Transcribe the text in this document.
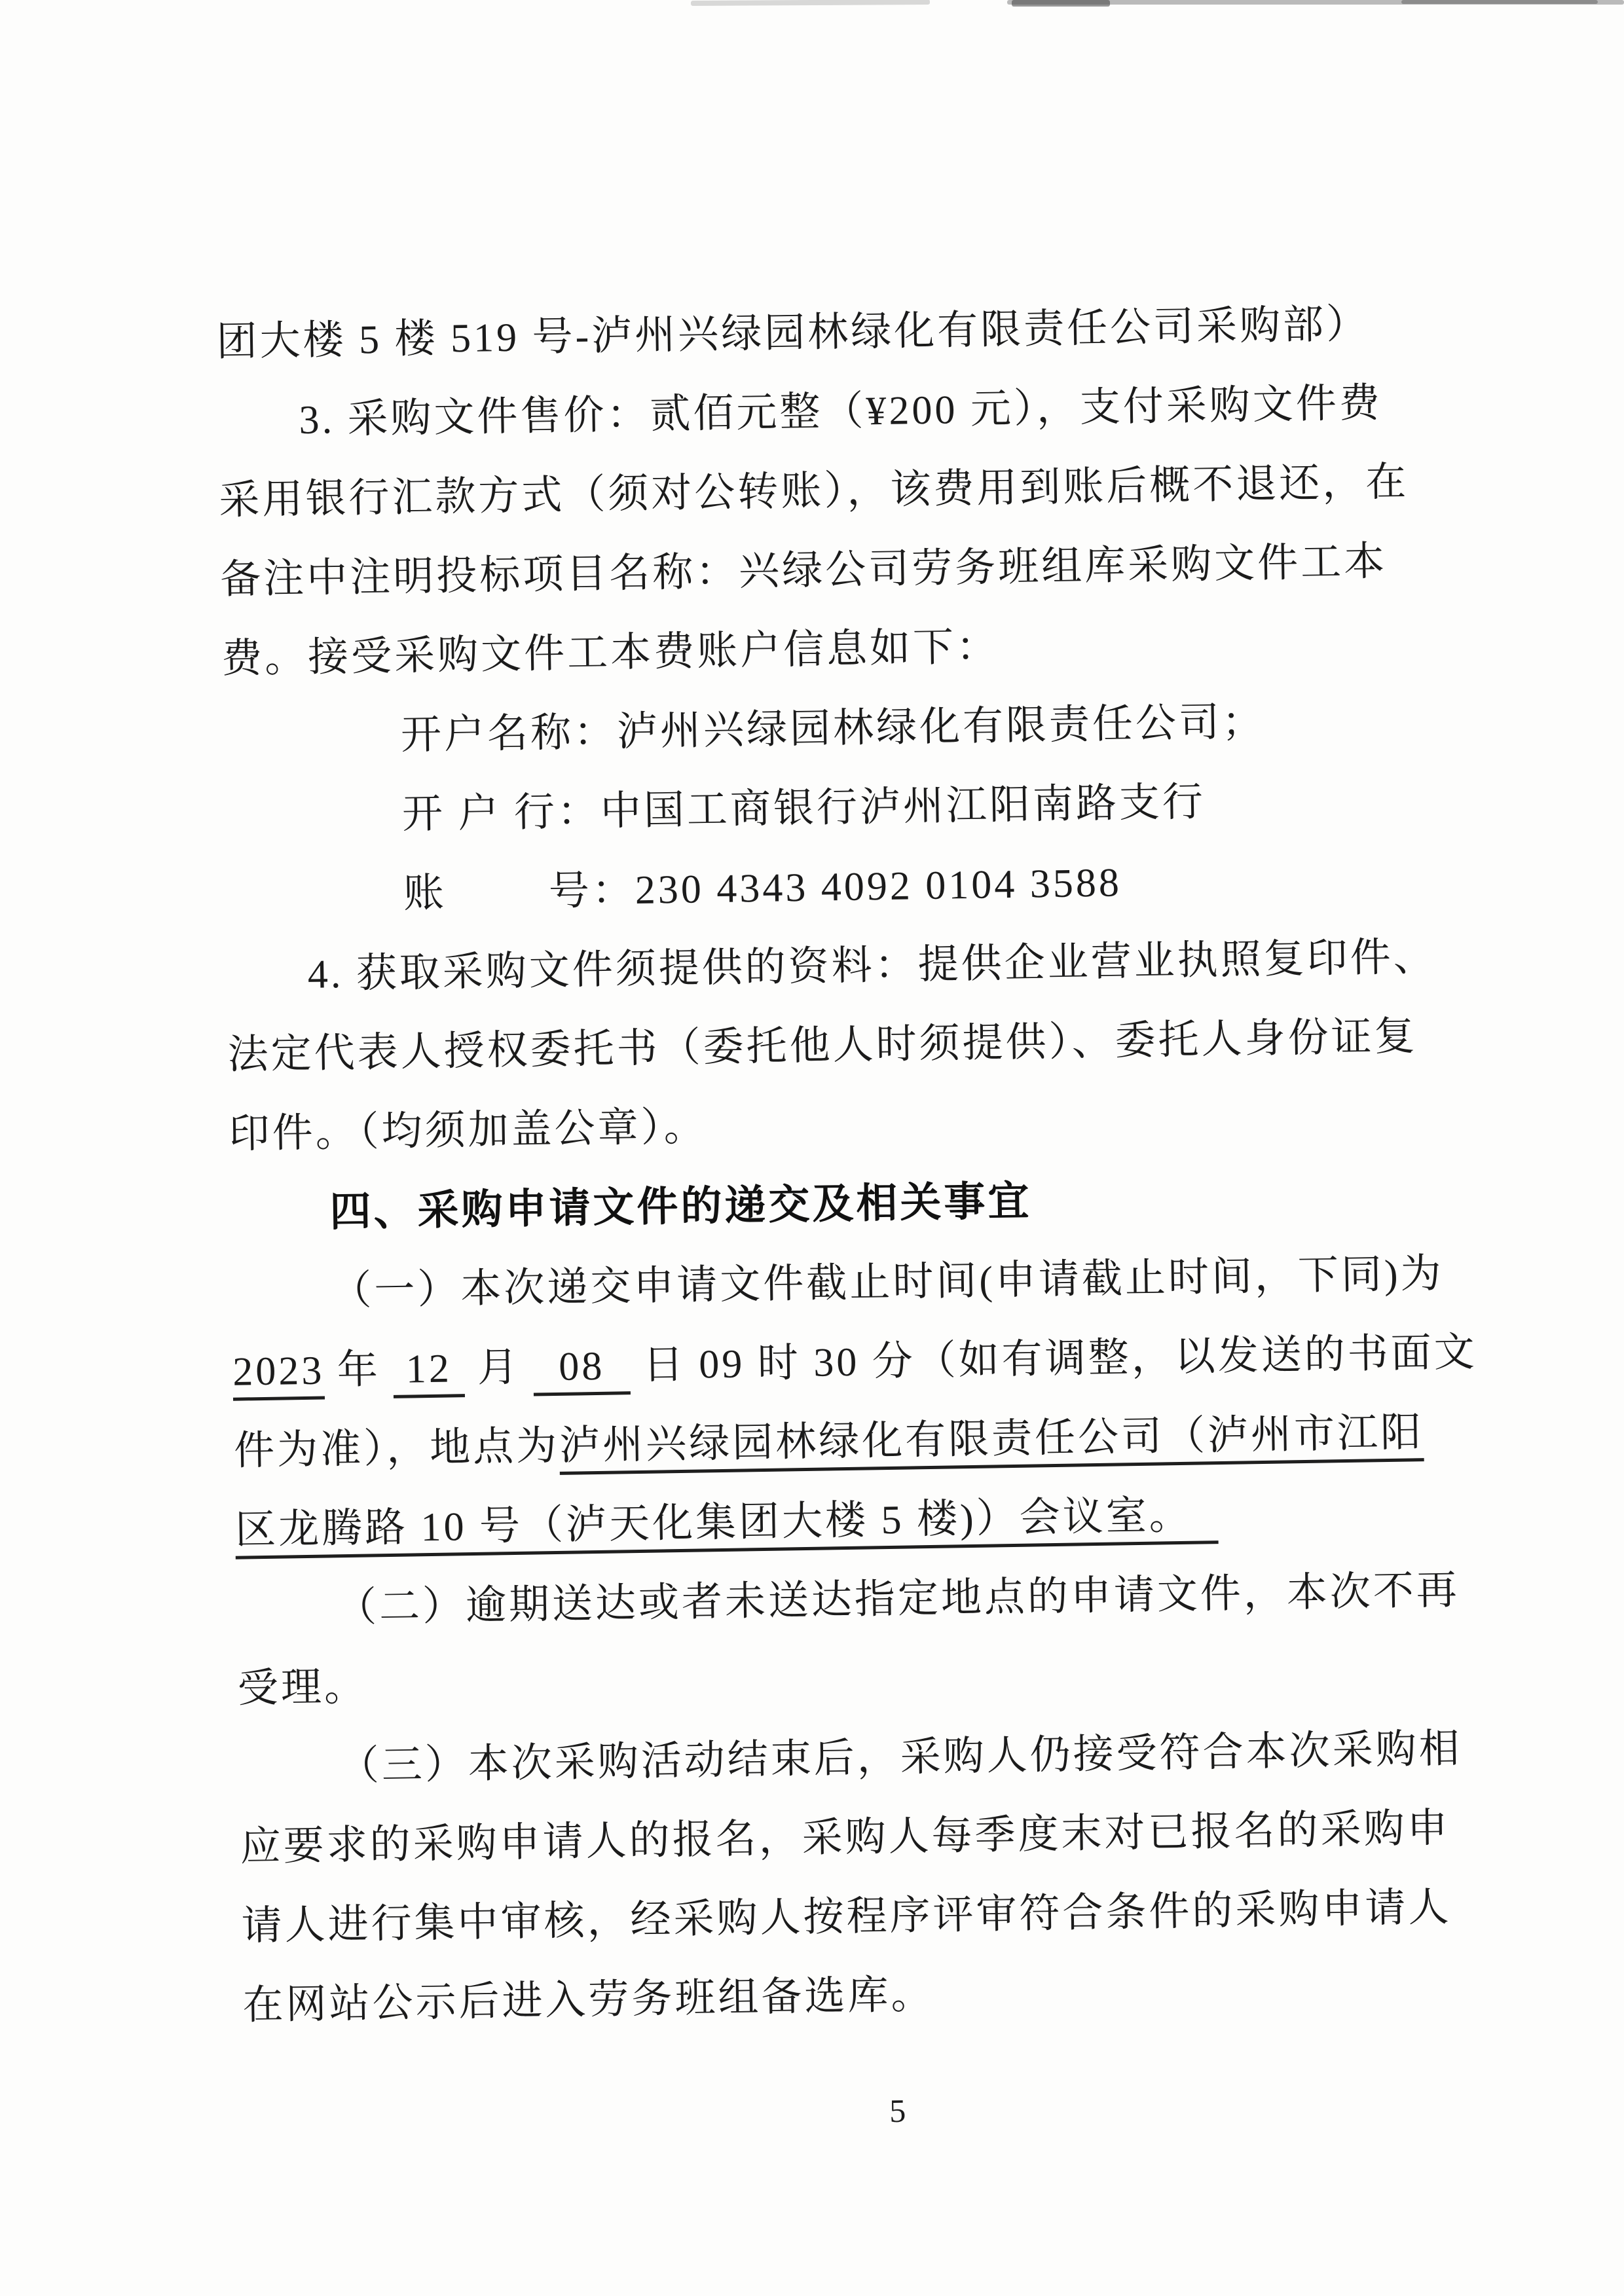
团大楼 5 楼 519 号-泸州兴绿园林绿化有限责任公司采购部）
3. 采购文件售价：贰佰元整（¥200 元），支付采购文件费
采用银行汇款方式（须对公转账），该费用到账后概不退还，在
备注中注明投标项目名称：兴绿公司劳务班组库采购文件工本
费。接受采购文件工本费账户信息如下：
开户名称：泸州兴绿园林绿化有限责任公司；
开 户 行：中国工商银行泸州江阳南路支行
账        号：230 4343 4092 0104 3588
4. 获取采购文件须提供的资料：提供企业营业执照复印件、
法定代表人授权委托书（委托他人时须提供）、委托人身份证复
印件。（均须加盖公章）。
四、采购申请文件的递交及相关事宜
（一）本次递交申请文件截止时间(申请截止时间，下同)为
2023 年  12  月   08   日 09 时 30 分（如有调整，以发送的书面文
件为准），地点为泸州兴绿园林绿化有限责任公司（泸州市江阳
区龙腾路 10 号（泸天化集团大楼 5 楼)）会议室。
（二）逾期送达或者未送达指定地点的申请文件，本次不再
受理。
（三）本次采购活动结束后，采购人仍接受符合本次采购相
应要求的采购申请人的报名，采购人每季度末对已报名的采购申
请人进行集中审核，经采购人按程序评审符合条件的采购申请人
在网站公示后进入劳务班组备选库。
5
